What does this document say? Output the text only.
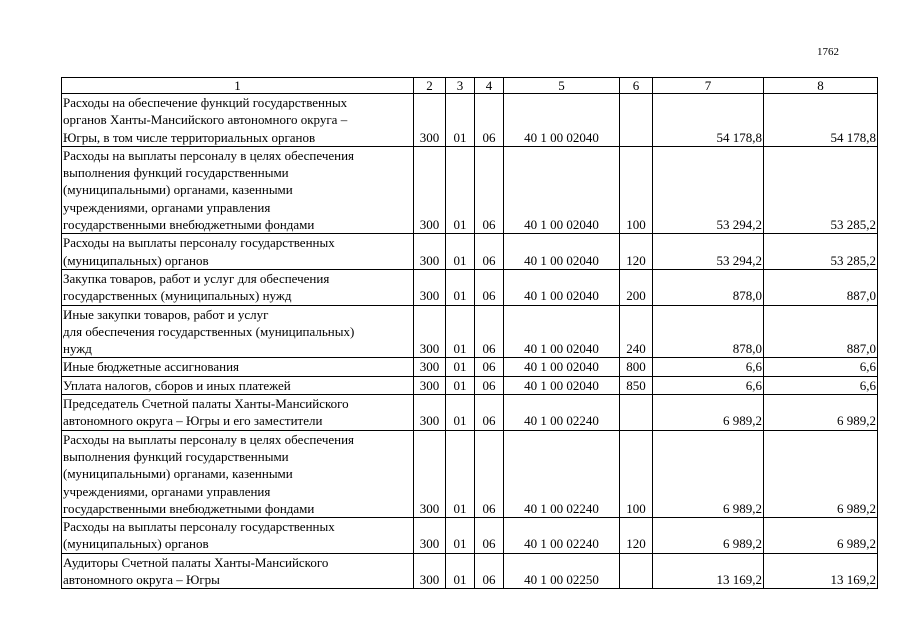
1762
1	2	3	4	5	6	7	8
Расходы на обеспечение функций государственных
органов Ханты-Мансийского автономного округа –
Югры, в том числе территориальных органов	300	01	06	40 1 00 02040		54 178,8	54 178,8
Расходы на выплаты персоналу в целях обеспечения
выполнения функций государственными
(муниципальными) органами, казенными
учреждениями, органами управления
государственными внебюджетными фондами	300	01	06	40 1 00 02040	100	53 294,2	53 285,2
Расходы на выплаты персоналу государственных
(муниципальных) органов	300	01	06	40 1 00 02040	120	53 294,2	53 285,2
Закупка товаров, работ и услуг для обеспечения
государственных (муниципальных) нужд	300	01	06	40 1 00 02040	200	878,0	887,0
Иные закупки товаров, работ и услуг
для обеспечения государственных (муниципальных)
нужд	300	01	06	40 1 00 02040	240	878,0	887,0
Иные бюджетные ассигнования	300	01	06	40 1 00 02040	800	6,6	6,6
Уплата налогов, сборов и иных платежей	300	01	06	40 1 00 02040	850	6,6	6,6
Председатель Счетной палаты Ханты-Мансийского
автономного округа – Югры и его заместители	300	01	06	40 1 00 02240		6 989,2	6 989,2
Расходы на выплаты персоналу в целях обеспечения
выполнения функций государственными
(муниципальными) органами, казенными
учреждениями, органами управления
государственными внебюджетными фондами	300	01	06	40 1 00 02240	100	6 989,2	6 989,2
Расходы на выплаты персоналу государственных
(муниципальных) органов	300	01	06	40 1 00 02240	120	6 989,2	6 989,2
Аудиторы Счетной палаты Ханты-Мансийского
автономного округа – Югры	300	01	06	40 1 00 02250		13 169,2	13 169,2
